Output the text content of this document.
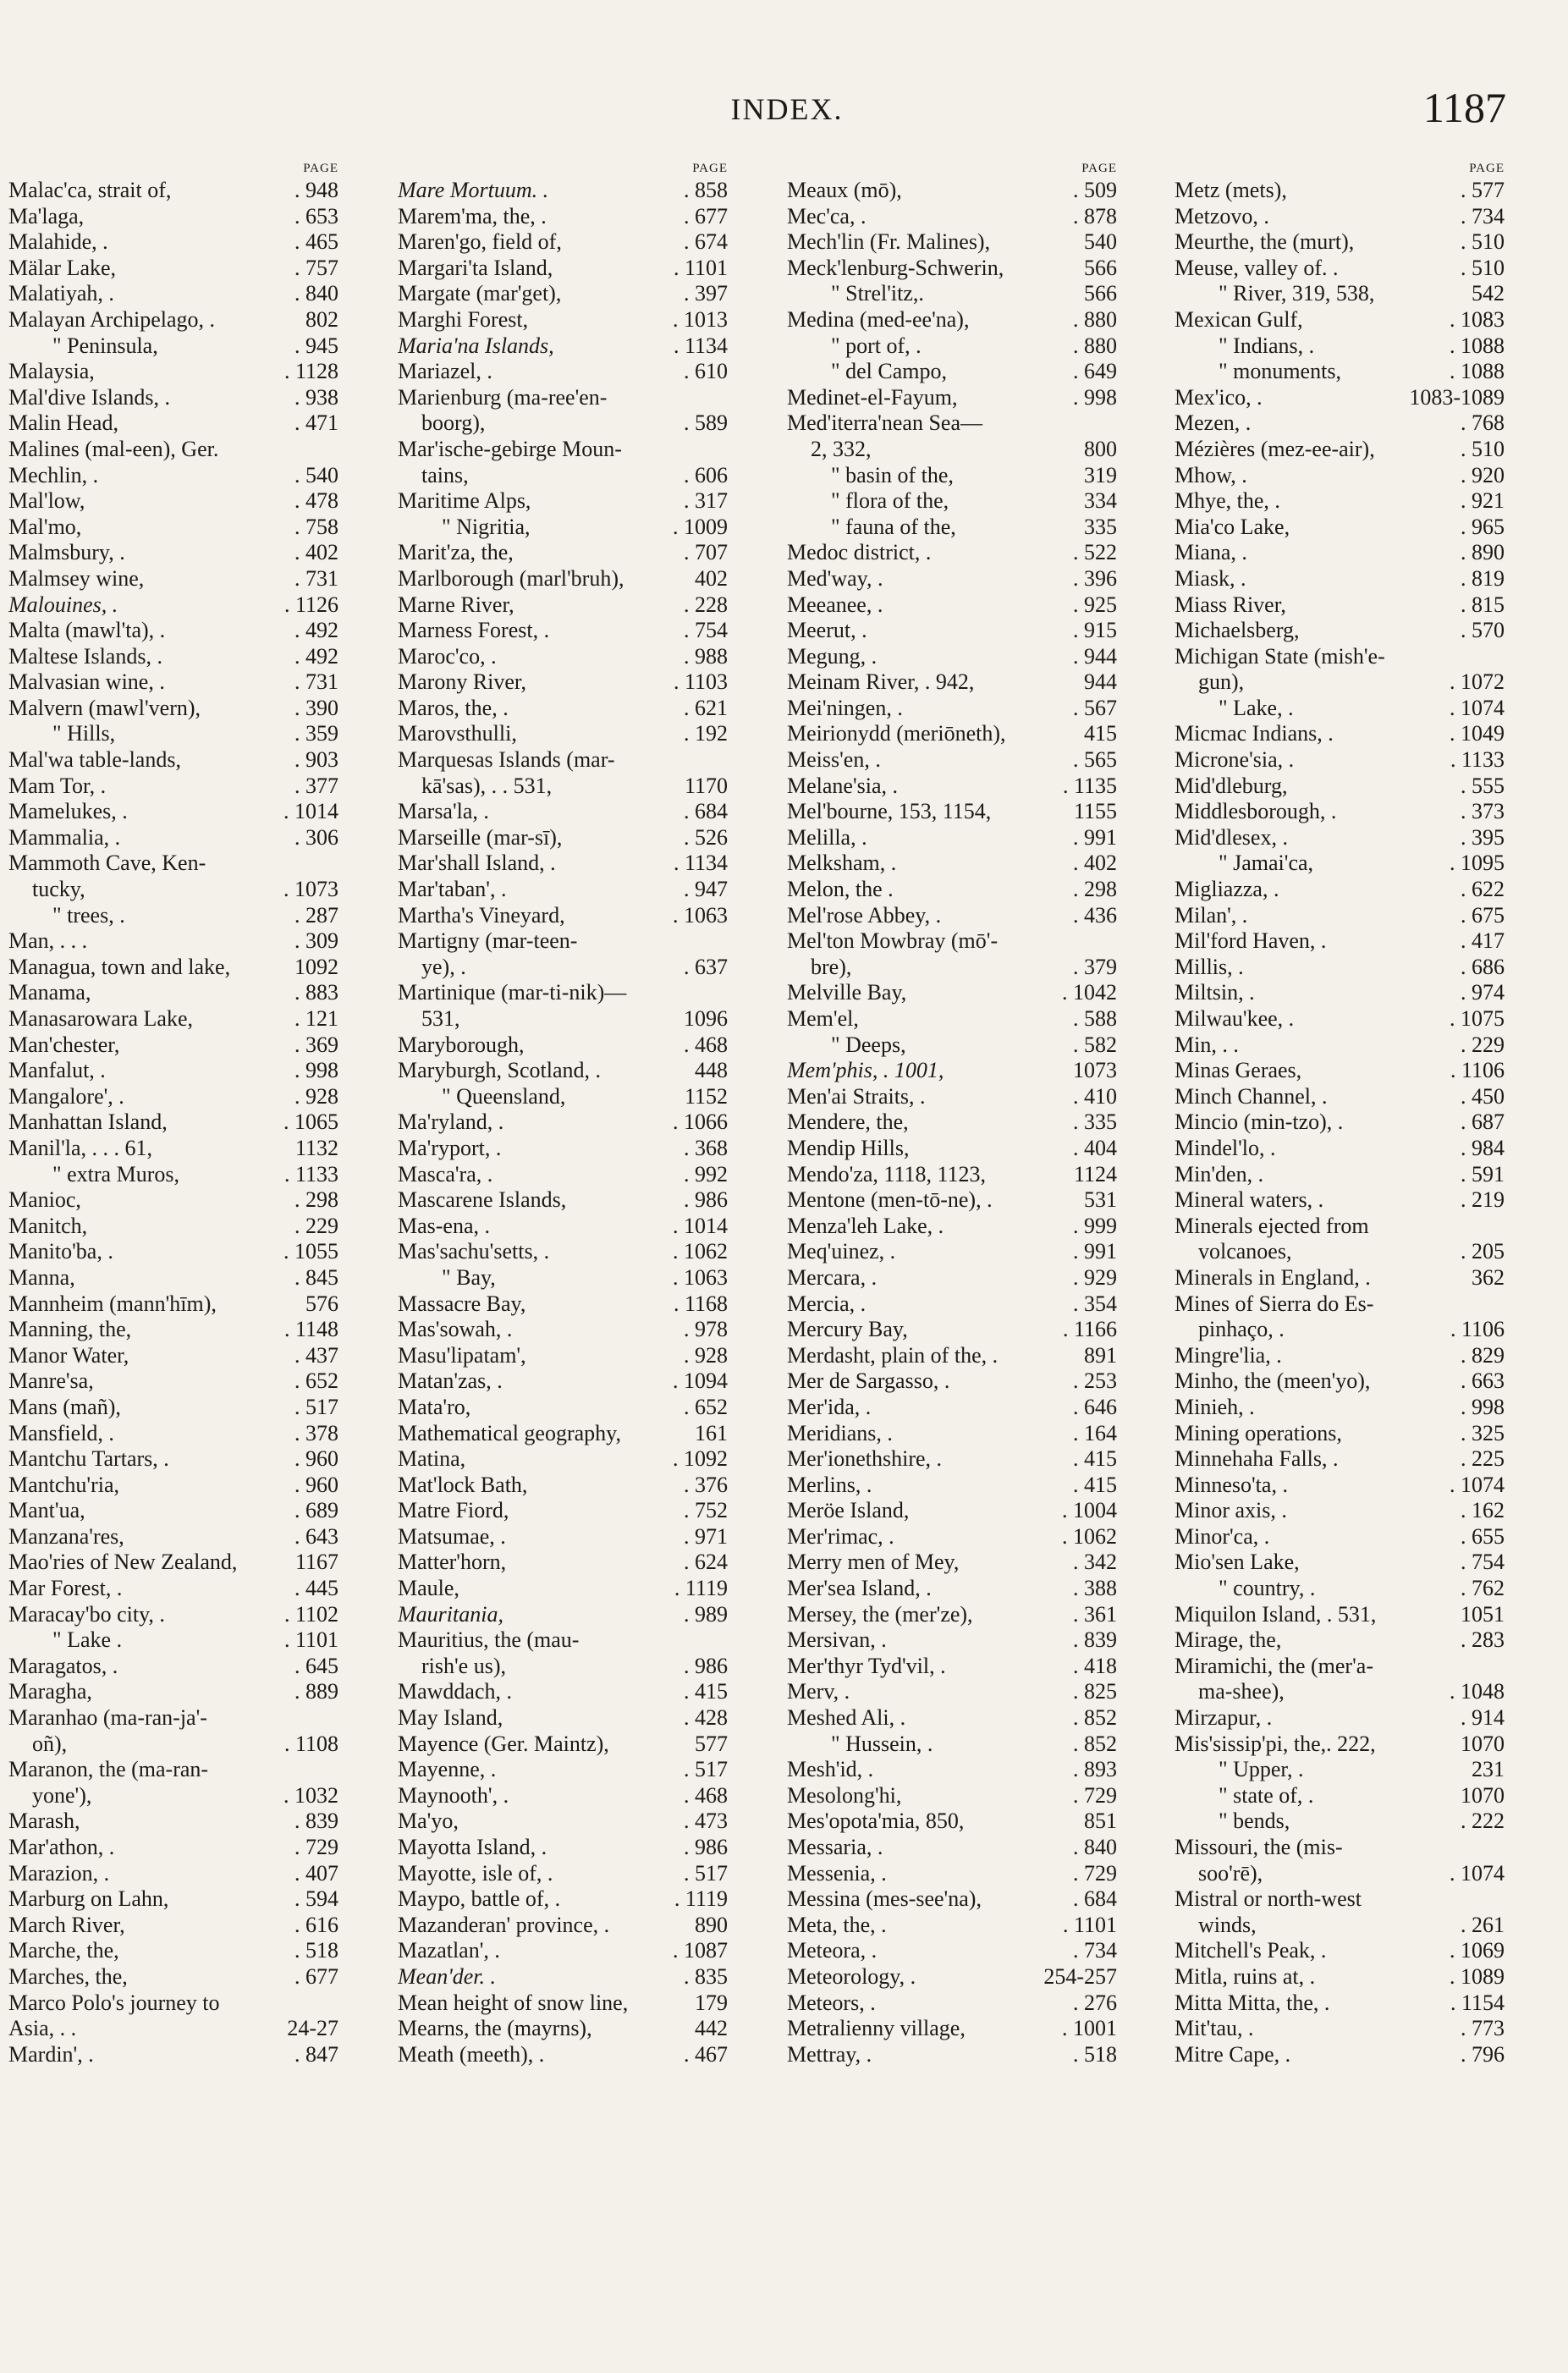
INDEX.	1187
PAGE
Malac'ca, strait of,	. 948
Ma'laga,	. 653
Malahide, .	. 465
Mälar Lake,	. 757
Malatiyah, .	. 840
Malayan Archipelago, .	802
" Peninsula,	. 945
Malaysia,	. 1128
Mal'dive Islands, .	. 938
Malin Head,	. 471
Malines (mal-een), Ger.
Mechlin, .	. 540
Mal'low,	. 478
Mal'mo,	. 758
Malmsbury, .	. 402
Malmsey wine,	. 731
Malouines, .	. 1126
Malta (mawl'ta), .	. 492
Maltese Islands, .	. 492
Malvasian wine, .	. 731
Malvern (mawl'vern),	. 390
" Hills,	. 359
Mal'wa table-lands,	. 903
Mam Tor, .	. 377
Mamelukes, .	. 1014
Mammalia, .	. 306
Mammoth Cave, Ken-
tucky,	. 1073
" trees, .	. 287
Man, . . .	. 309
Managua, town and lake,	1092
Manama,	. 883
Manasarowara Lake,	. 121
Man'chester,	. 369
Manfalut, .	. 998
Mangalore', .	. 928
Manhattan Island,	. 1065
Manil'la, . . . 61,	1132
" extra Muros,	. 1133
Manioc,	. 298
Manitch,	. 229
Manito'ba, .	. 1055
Manna,	. 845
Mannheim (mann'hīm),	576
Manning, the,	. 1148
Manor Water,	. 437
Manre'sa,	. 652
Mans (mañ),	. 517
Mansfield, .	. 378
Mantchu Tartars, .	. 960
Mantchu'ria,	. 960
Mant'ua,	. 689
Manzana'res,	. 643
Mao'ries of New Zealand,	1167
Mar Forest, .	. 445
Maracay'bo city, .	. 1102
" Lake .	. 1101
Maragatos, .	. 645
Maragha,	. 889
Maranhao (ma-ran-ja'-
oñ),	. 1108
Maranon, the (ma-ran-
yone'),	. 1032
Marash,	. 839
Mar'athon, .	. 729
Marazion, .	. 407
Marburg on Lahn,	. 594
March River,	. 616
Marche, the,	. 518
Marches, the,	. 677
Marco Polo's journey to
Asia, . .	24-27
Mardin', .	. 847
PAGE
Mare Mortuum. .	. 858
Marem'ma, the, .	. 677
Maren'go, field of,	. 674
Margari'ta Island,	. 1101
Margate (mar'get),	. 397
Marghi Forest,	. 1013
Maria'na Islands,	. 1134
Mariazel, .	. 610
Marienburg (ma-ree'en-
boorg),	. 589
Mar'ische-gebirge Moun-
tains,	. 606
Maritime Alps,	. 317
" Nigritia,	. 1009
Marit'za, the,	. 707
Marlborough (marl'bruh),	402
Marne River,	. 228
Marness Forest, .	. 754
Maroc'co, .	. 988
Marony River,	. 1103
Maros, the, .	. 621
Marovsthulli,	. 192
Marquesas Islands (mar-
kā'sas), . . 531,	1170
Marsa'la, .	. 684
Marseille (mar-sī),	. 526
Mar'shall Island, .	. 1134
Mar'taban', .	. 947
Martha's Vineyard,	. 1063
Martigny (mar-teen-
ye), .	. 637
Martinique (mar-ti-nik)—
531,	1096
Maryborough,	. 468
Maryburgh, Scotland, .	448
" Queensland,	1152
Ma'ryland, .	. 1066
Ma'ryport, .	. 368
Masca'ra, .	. 992
Mascarene Islands,	. 986
Mas-ena, .	. 1014
Mas'sachu'setts, .	. 1062
" Bay,	. 1063
Massacre Bay,	. 1168
Mas'sowah, .	. 978
Masu'lipatam',	. 928
Matan'zas, .	. 1094
Mata'ro,	. 652
Mathematical geography,	161
Matina,	. 1092
Mat'lock Bath,	. 376
Matre Fiord,	. 752
Matsumae, .	. 971
Matter'horn,	. 624
Maule,	. 1119
Mauritania,	. 989
Mauritius, the (mau-
rish'e us),	. 986
Mawddach, .	. 415
May Island,	. 428
Mayence (Ger. Maintz),	577
Mayenne, .	. 517
Maynooth', .	. 468
Ma'yo,	. 473
Mayotta Island, .	. 986
Mayotte, isle of, .	. 517
Maypo, battle of, .	. 1119
Mazanderan' province, .	890
Mazatlan', .	. 1087
Mean'der. .	. 835
Mean height of snow line,	179
Mearns, the (mayrns),	442
Meath (meeth), .	. 467
PAGE
Meaux (mō),	. 509
Mec'ca, .	. 878
Mech'lin (Fr. Malines),	540
Meck'lenburg-Schwerin,	566
" Strel'itz,.	566
Medina (med-ee'na),	. 880
" port of, .	. 880
" del Campo,	. 649
Medinet-el-Fayum,	. 998
Med'iterra'nean Sea—
2, 332,	800
" basin of the,	319
" flora of the,	334
" fauna of the,	335
Medoc district, .	. 522
Med'way, .	. 396
Meeanee, .	. 925
Meerut, .	. 915
Megung, .	. 944
Meinam River, . 942,	944
Mei'ningen, .	. 567
Meirionydd (meriōneth),	415
Meiss'en, .	. 565
Melane'sia, .	. 1135
Mel'bourne, 153, 1154,	1155
Melilla, .	. 991
Melksham, .	. 402
Melon, the .	. 298
Mel'rose Abbey, .	. 436
Mel'ton Mowbray (mō'-
bre),	. 379
Melville Bay,	. 1042
Mem'el,	. 588
" Deeps,	. 582
Mem'phis, . 1001,	1073
Men'ai Straits, .	. 410
Mendere, the,	. 335
Mendip Hills,	. 404
Mendo'za, 1118, 1123,	1124
Mentone (men-tō-ne), .	531
Menza'leh Lake, .	. 999
Meq'uinez, .	. 991
Mercara, .	. 929
Mercia, .	. 354
Mercury Bay,	. 1166
Merdasht, plain of the, .	891
Mer de Sargasso, .	. 253
Mer'ida, .	. 646
Meridians, .	. 164
Mer'ionethshire, .	. 415
Merlins, .	. 415
Meröe Island,	. 1004
Mer'rimac, .	. 1062
Merry men of Mey,	. 342
Mer'sea Island, .	. 388
Mersey, the (mer'ze),	. 361
Mersivan, .	. 839
Mer'thyr Tyd'vil, .	. 418
Merv, .	. 825
Meshed Ali, .	. 852
" Hussein, .	. 852
Mesh'id, .	. 893
Mesolong'hi,	. 729
Mes'opota'mia, 850,	851
Messaria, .	. 840
Messenia, .	. 729
Messina (mes-see'na),	. 684
Meta, the, .	. 1101
Meteora, .	. 734
Meteorology, .	254-257
Meteors, .	. 276
Metralienny village,	. 1001
Mettray, .	. 518
PAGE
Metz (mets),	. 577
Metzovo, .	. 734
Meurthe, the (murt),	. 510
Meuse, valley of. .	. 510
" River, 319, 538,	542
Mexican Gulf,	. 1083
" Indians, .	. 1088
" monuments,	. 1088
Mex'ico, .	1083-1089
Mezen, .	. 768
Mézières (mez-ee-air),	. 510
Mhow, .	. 920
Mhye, the, .	. 921
Mia'co Lake,	. 965
Miana, .	. 890
Miask, .	. 819
Miass River,	. 815
Michaelsberg,	. 570
Michigan State (mish'e-
gun),	. 1072
" Lake, .	. 1074
Micmac Indians, .	. 1049
Microne'sia, .	. 1133
Mid'dleburg,	. 555
Middlesborough, .	. 373
Mid'dlesex, .	. 395
" Jamai'ca,	. 1095
Migliazza, .	. 622
Milan', .	. 675
Mil'ford Haven, .	. 417
Millis, .	. 686
Miltsin, .	. 974
Milwau'kee, .	. 1075
Min, . .	. 229
Minas Geraes,	. 1106
Minch Channel, .	. 450
Mincio (min-tzo), .	. 687
Mindel'lo, .	. 984
Min'den, .	. 591
Mineral waters, .	. 219
Minerals ejected from
volcanoes,	. 205
Minerals in England, .	362
Mines of Sierra do Es-
pinhaço, .	. 1106
Mingre'lia, .	. 829
Minho, the (meen'yo),	. 663
Minieh, .	. 998
Mining operations,	. 325
Minnehaha Falls, .	. 225
Minneso'ta, .	. 1074
Minor axis, .	. 162
Minor'ca, .	. 655
Mio'sen Lake,	. 754
" country, .	. 762
Miquilon Island, . 531,	1051
Mirage, the,	. 283
Miramichi, the (mer'a-
ma-shee),	. 1048
Mirzapur, .	. 914
Mis'sissip'pi, the,. 222,	1070
" Upper, .	231
" state of, .	1070
" bends,	. 222
Missouri, the (mis-
soo'rē),	. 1074
Mistral or north-west
winds,	. 261
Mitchell's Peak, .	. 1069
Mitla, ruins at, .	. 1089
Mitta Mitta, the, .	. 1154
Mit'tau, .	. 773
Mitre Cape, .	. 796
